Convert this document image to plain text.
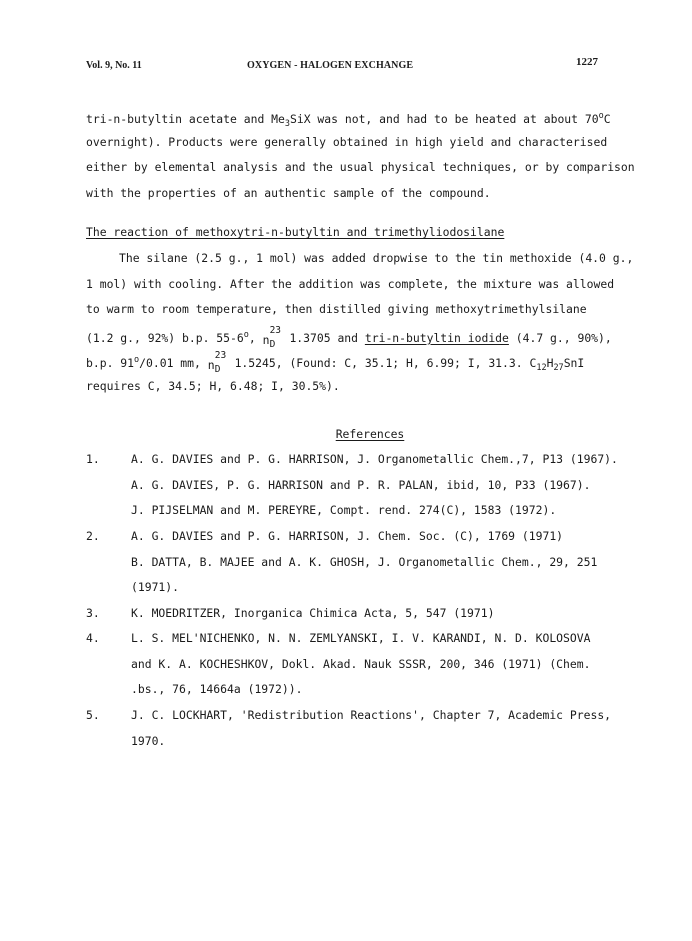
Vol. 9, No. 11	OXYGEN - HALOGEN EXCHANGE	1227
tri-n-butyltin acetate and $Me_3SiX$ was not, and had to be heated at about 70$^o$C
overnight). Products were generally obtained in high yield and characterised
either by elemental analysis and the usual physical techniques, or by comparison
with the properties of an authentic sample of the compound.
The reaction of methoxytri-n-butyltin and trimethyliodosilane
The silane (2.5 g., 1 mol) was added dropwise to the tin methoxide (4.0 g.,
1 mol) with cooling. After the addition was complete, the mixture was allowed
to warm to room temperature, then distilled giving methoxytrimethylsilane
(1.2 g., 92%) b.p. 55-6$^o$, n
23
D 1.3705 and tri-n-butyltin iodide (4.7 g., 90%),
b.p. 91$^o$/0.01 mm, n
23
D 1.5245, (Found: C, 35.1; H, 6.99; I, 31.3. $C_{12}H_{27}SnI$
requires C, 34.5; H, 6.48; I, 30.5%).
References
1.	A. G. DAVIES and P. G. HARRISON, J. Organometallic Chem.,7, P13 (1967).
A. G. DAVIES, P. G. HARRISON and P. R. PALAN, ibid, 10, P33 (1967).
J. PIJSELMAN and M. PEREYRE, Compt. rend. 274(C), 1583 (1972).
2.	A. G. DAVIES and P. G. HARRISON, J. Chem. Soc. (C), 1769 (1971)
B. DATTA, B. MAJEE and A. K. GHOSH, J. Organometallic Chem., 29, 251
(1971).
3.	K. MOEDRITZER, Inorganica Chimica Acta, 5, 547 (1971)
4.	L. S. MEL'NICHENKO, N. N. ZEMLYANSKI, I. V. KARANDI, N. D. KOLOSOVA
and K. A. KOCHESHKOV, Dokl. Akad. Nauk SSSR, 200, 346 (1971) (Chem.
.bs., 76, 14664a (1972)).
5.	J. C. LOCKHART, 'Redistribution Reactions', Chapter 7, Academic Press,
1970.
